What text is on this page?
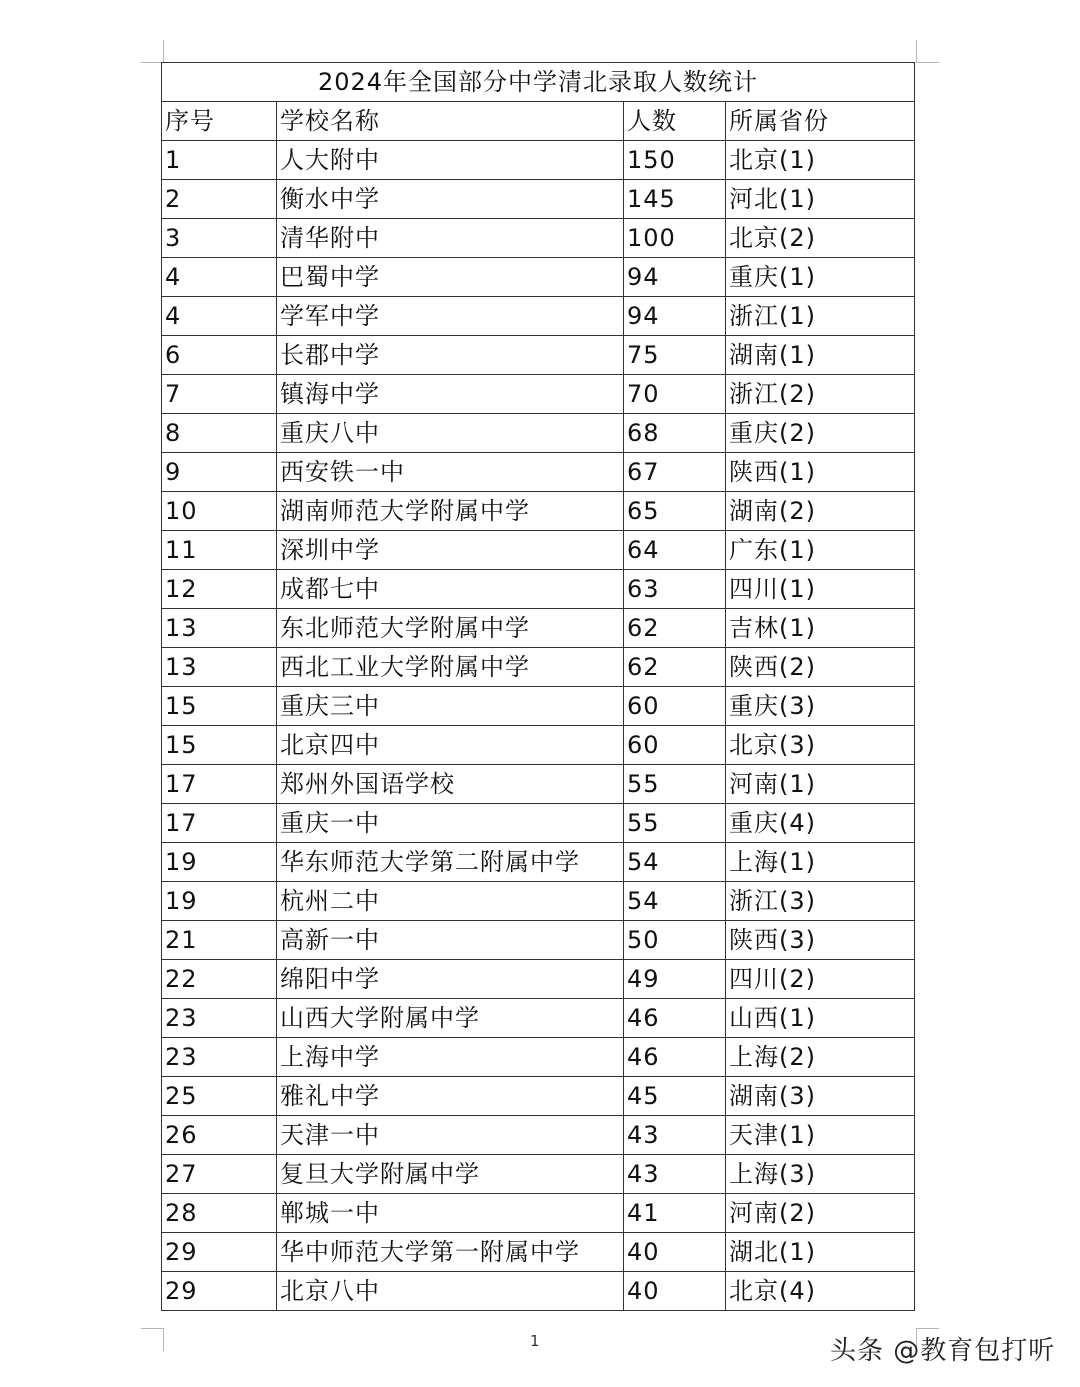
2024年全国部分中学清北录取人数统计			
序号	学校名称	人数	所属省份
1	人大附中	150	北京(1)
2	衡水中学	145	河北(1)
3	清华附中	100	北京(2)
4	巴蜀中学	94	重庆(1)
4	学军中学	94	浙江(1)
6	长郡中学	75	湖南(1)
7	镇海中学	70	浙江(2)
8	重庆八中	68	重庆(2)
9	西安铁一中	67	陕西(1)
10	湖南师范大学附属中学	65	湖南(2)
11	深圳中学	64	广东(1)
12	成都七中	63	四川(1)
13	东北师范大学附属中学	62	吉林(1)
13	西北工业大学附属中学	62	陕西(2)
15	重庆三中	60	重庆(3)
15	北京四中	60	北京(3)
17	郑州外国语学校	55	河南(1)
17	重庆一中	55	重庆(4)
19	华东师范大学第二附属中学	54	上海(1)
19	杭州二中	54	浙江(3)
21	高新一中	50	陕西(3)
22	绵阳中学	49	四川(2)
23	山西大学附属中学	46	山西(1)
23	上海中学	46	上海(2)
25	雅礼中学	45	湖南(3)
26	天津一中	43	天津(1)
27	复旦大学附属中学	43	上海(3)
28	郸城一中	41	河南(2)
29	华中师范大学第一附属中学	40	湖北(1)
29	北京八中	40	北京(4)
1	头条 @教育包打听
